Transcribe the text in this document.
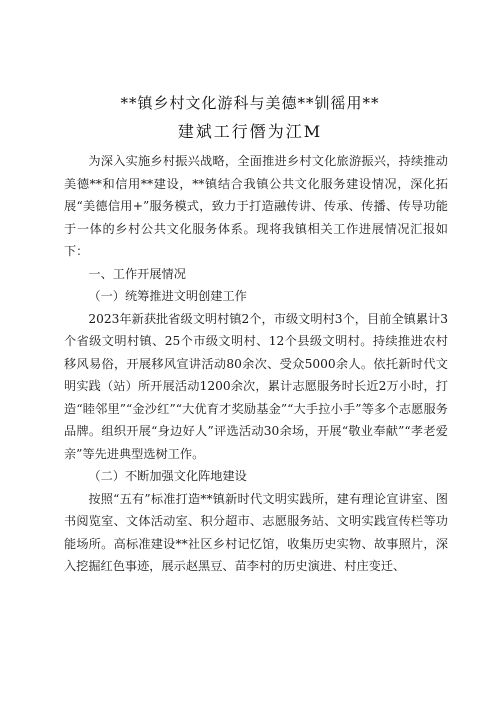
**镇乡村文化游科与美德**钏徭用**
建斌工行僭为江M

为深入实施乡村振兴战略，全面推进乡村文化旅游振兴，持续推动美德**和信用**建设，**镇结合我镇公共文化服务建设情况，深化拓展“美德信用+”服务模式，致力于打造融传讲、传承、传播、传导功能于一体的乡村公共文化服务体系。现将我镇相关工作进展情况汇报如下：

一、工作开展情况

（一）统筹推进文明创建工作

2023年新获批省级文明村镇2个，市级文明村3个，目前全镇累计3个省级文明村镇、25个市级文明村、12个县级文明村。持续推进农村移风易俗，开展移风宣讲活动80余次、受众5000余人。依托新时代文明实践（站）所开展活动1200余次，累计志愿服务时长近2万小时，打造“睦邻里”“金沙红”“大优育才奖励基金”“大手拉小手”等多个志愿服务品牌。组织开展“身边好人”评选活动30余场，开展“敬业奉献”“孝老爱亲”等先进典型选树工作。

（二）不断加强文化阵地建设

按照“五有”标准打造**镇新时代文明实践所，建有理论宣讲室、图书阅览室、文体活动室、积分超市、志愿服务站、文明实践宣传栏等功能场所。高标准建设**社区乡村记忆馆，收集历史实物、故事照片，深入挖掘红色事迹，展示赵黑豆、苗李村的历史演进、村庄变迁、
